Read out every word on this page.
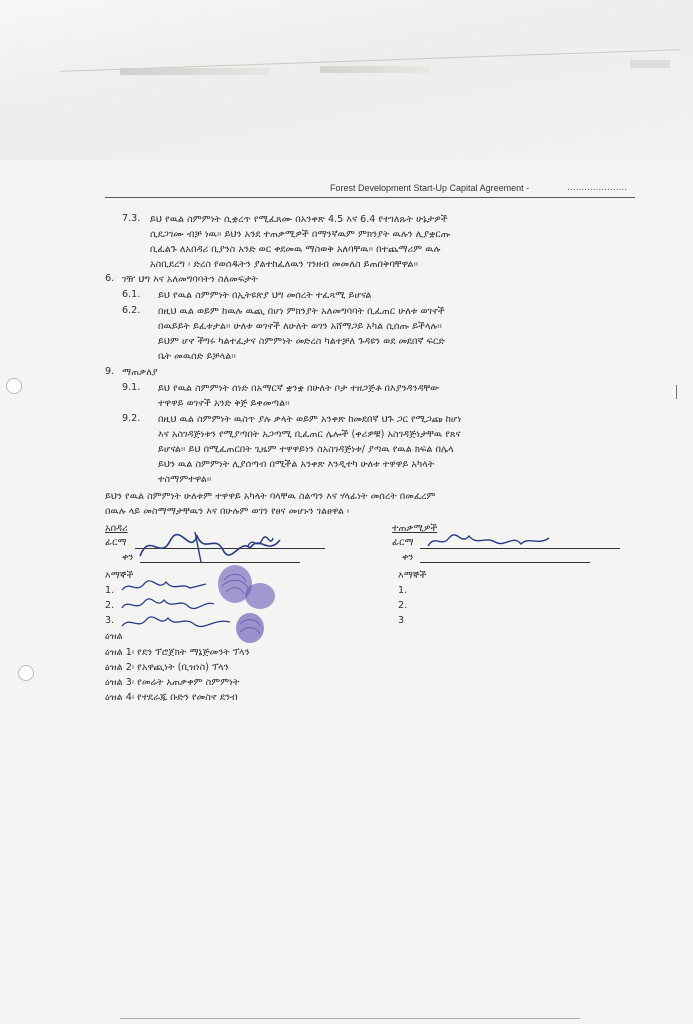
Forest Development Start-Up Capital Agreement -	.....................
7.3. ይህ የዉል ስምምነት ሲቋረጥ የሚፈጸሙ በአንቀጽ 4.5 እና 6.4 የተገለጹት ሁኔታዎች
ሲደጋገሙ ብቻ ነዉ፡፡ ይህን አንደ ተጠቃሚዎች በማንኛዉም ምክንያት ዉሉን ሊያቋርጡ
ቢፈልጉ ለአበዳሪ ቢያንስ አንድ ወር ቀደመዉ ማስወቅ አለባቸዉ፡፡ በተጨማሪም ዉሉ
አስቢደረግ ፡ ድረስ የወሰዱትን ያልተከፈለዉን ገንዘብ መመለስ ይጠበቅባቸዋል፡፡
6. ገዥ ህግ እና አለመግባባትን ስለመፍታት
6.1. ይህ የዉል ስምምነት በኢትዩጵያ ህግ መሰረት ተፈጻሚ ይሆናል
6.2. በዚህ ዉል ወይም ከዉሉ ዉጪ በሆነ ምክንያት አለመግባባት ቢፈጠር ሁለቱ ወገኖች
በዉይይት ይፈቱታል፡፡ ሁለቱ ወገኖች ለሁለት ወገን አሸማጋይ አካል ሲሰጡ ይችላሉ፡፡
ይህም ሆኖ ችግሩ ካልተፈታና ስምምነት መድረስ ካልተቻለ ጉዳዩን ወደ መደበኛ ፍርድ
ቤት መዉሰድ ይቻላል፡፡
9. ማጠቃለያ
9.1. ይህ የዉል ስምምነት ሰነድ በአማርኛ ቋንቋ በሁለት ቦታ ተዘጋጅቶ በእያንዳንዳቸው
ተዋዋይ ወገኖች አንድ ቅጅ ይቀመጣል፡፡
9.2. በዚህ ዉል ስምምነት ዉስጥ ያሉ ቃላት ወይም አንቀጽ ከመደበኛ ህጉ ጋር የሚጋጩ ከሆነ
እና አስገዳጅነቱን የሚያጣበት አጋጣሚ ቢፈጠር ሌሎች (ቀሪዎቹ) አስገዳጅነታቸዉ የጸና
ይሆናል፡፡ ይህ በሚፈጠርበት ጊዜም ተዋዋይነን ስአስገዳጅነቱ/ ያጣዉ የዉል ክፍል በሌላ
ይህን ዉል ስምምነት ሊያሰጣብ በሚችል አንቀጽ እንዲተካ ሁለቱ ተዋዋይ አካላት
ተስማምተዋል፡፡
ይህን የዉል ስምምነት ሁለቱም ተዋዋይ አካላት ባላቸዉ ስልጣን እና ሃላፊነት መሰረት በመፈረም
በዉሉ ላይ መስማማታቸዉን እና በሁሉም ወገን የፀና መሆኑን ገልፀዋል ፡
አበዳሪ
ፊርማ
ቀን
እማኞች
1.
2.
3.
ተጠቃሚዎች
ፊርማ
ቀን
እማኞች
1.
2.
3
ዕዝል
ዕዝል 1፡ የደን ፕሮጀክት ማኔጅመንት ፕላን
ዕዝል 2፡ የአዋጪነት (ቢዝነስ) ፕላን
ዕዝል 3፡ የመሬት አጠቃቀም ስምምነት
ዕዝል 4፡ የተደራጁ ቡድን የመስኖ ደንብ
